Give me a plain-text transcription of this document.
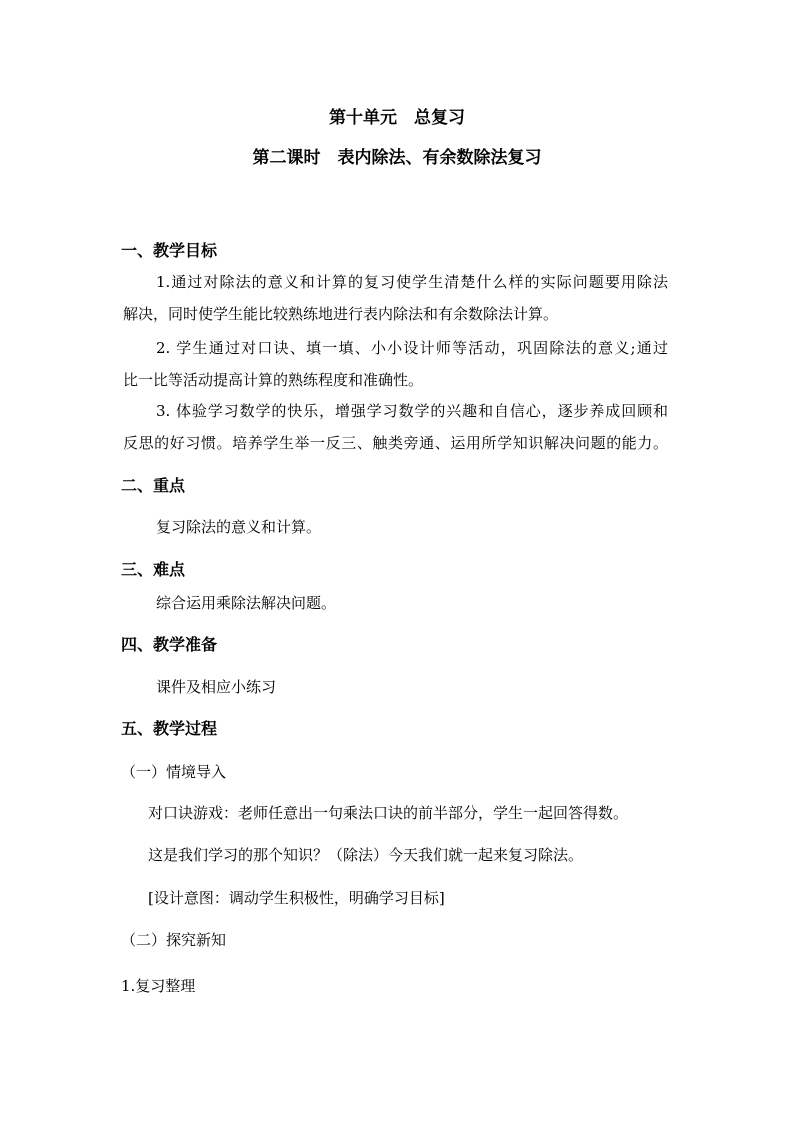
第十单元　总复习
第二课时　表内除法、有余数除法复习
一、教学目标
1.通过对除法的意义和计算的复习使学生清楚什么样的实际问题要用除法
解决，同时使学生能比较熟练地进行表内除法和有余数除法计算。
2. 学生通过对口诀、填一填、小小设计师等活动，巩固除法的意义;通过
比一比等活动提高计算的熟练程度和准确性。
3. 体验学习数学的快乐，增强学习数学的兴趣和自信心，逐步养成回顾和
反思的好习惯。培养学生举一反三、触类旁通、运用所学知识解决问题的能力。
二、重点
复习除法的意义和计算。
三、难点
综合运用乘除法解决问题。
四、教学准备
课件及相应小练习
五、教学过程
（一）情境导入
对口诀游戏：老师任意出一句乘法口诀的前半部分，学生一起回答得数。
这是我们学习的那个知识？（除法）今天我们就一起来复习除法。
[设计意图：调动学生积极性，明确学习目标]
（二）探究新知
1.复习整理
